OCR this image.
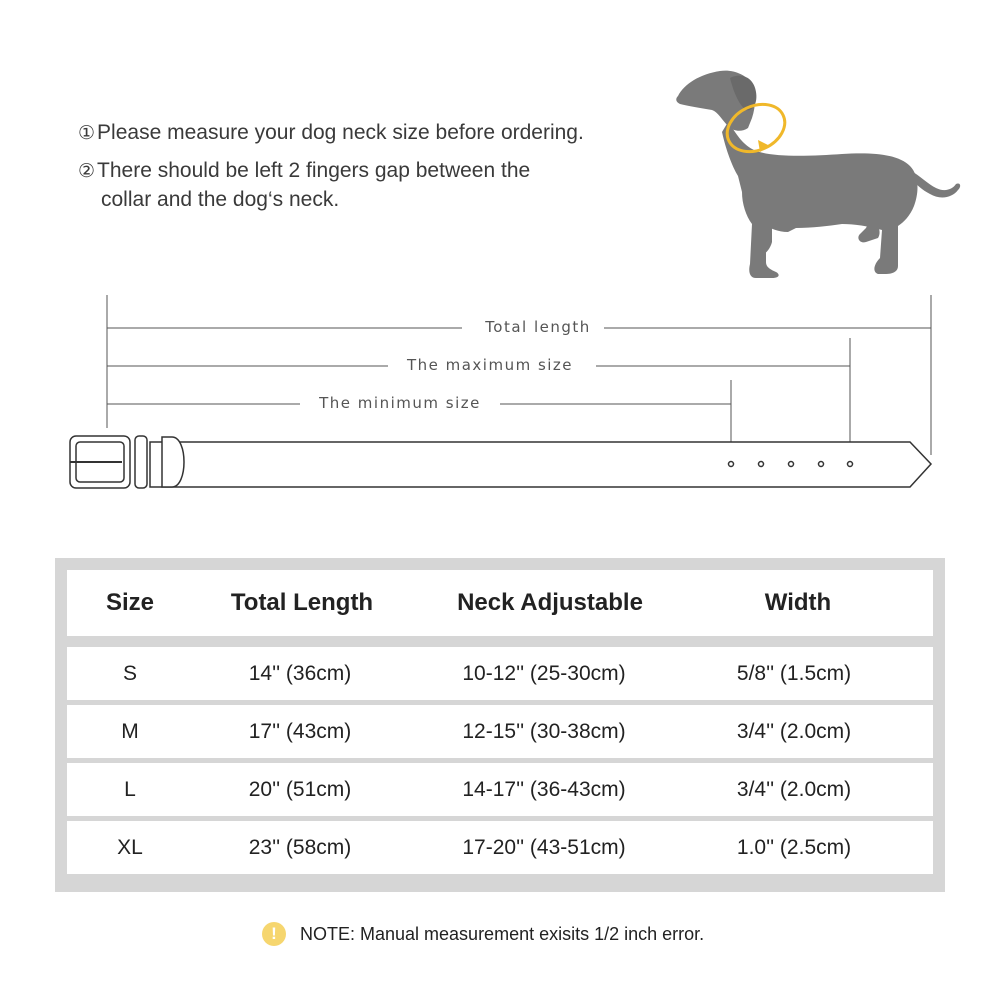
①Please measure your dog neck size before ordering.
②There should be left 2 fingers gap between the
collar and the dog‘s neck.
Total length
The maximum size
The minimum size
Size	Total Length	Neck Adjustable	Width
S	14'' (36cm)	10-12'' (25-30cm)	5/8'' (1.5cm)
M	17'' (43cm)	12-15'' (30-38cm)	3/4'' (2.0cm)
L	20'' (51cm)	14-17'' (36-43cm)	3/4'' (2.0cm)
XL	23'' (58cm)	17-20'' (43-51cm)	1.0'' (2.5cm)
!	NOTE: Manual measurement exisits 1/2 inch error.
